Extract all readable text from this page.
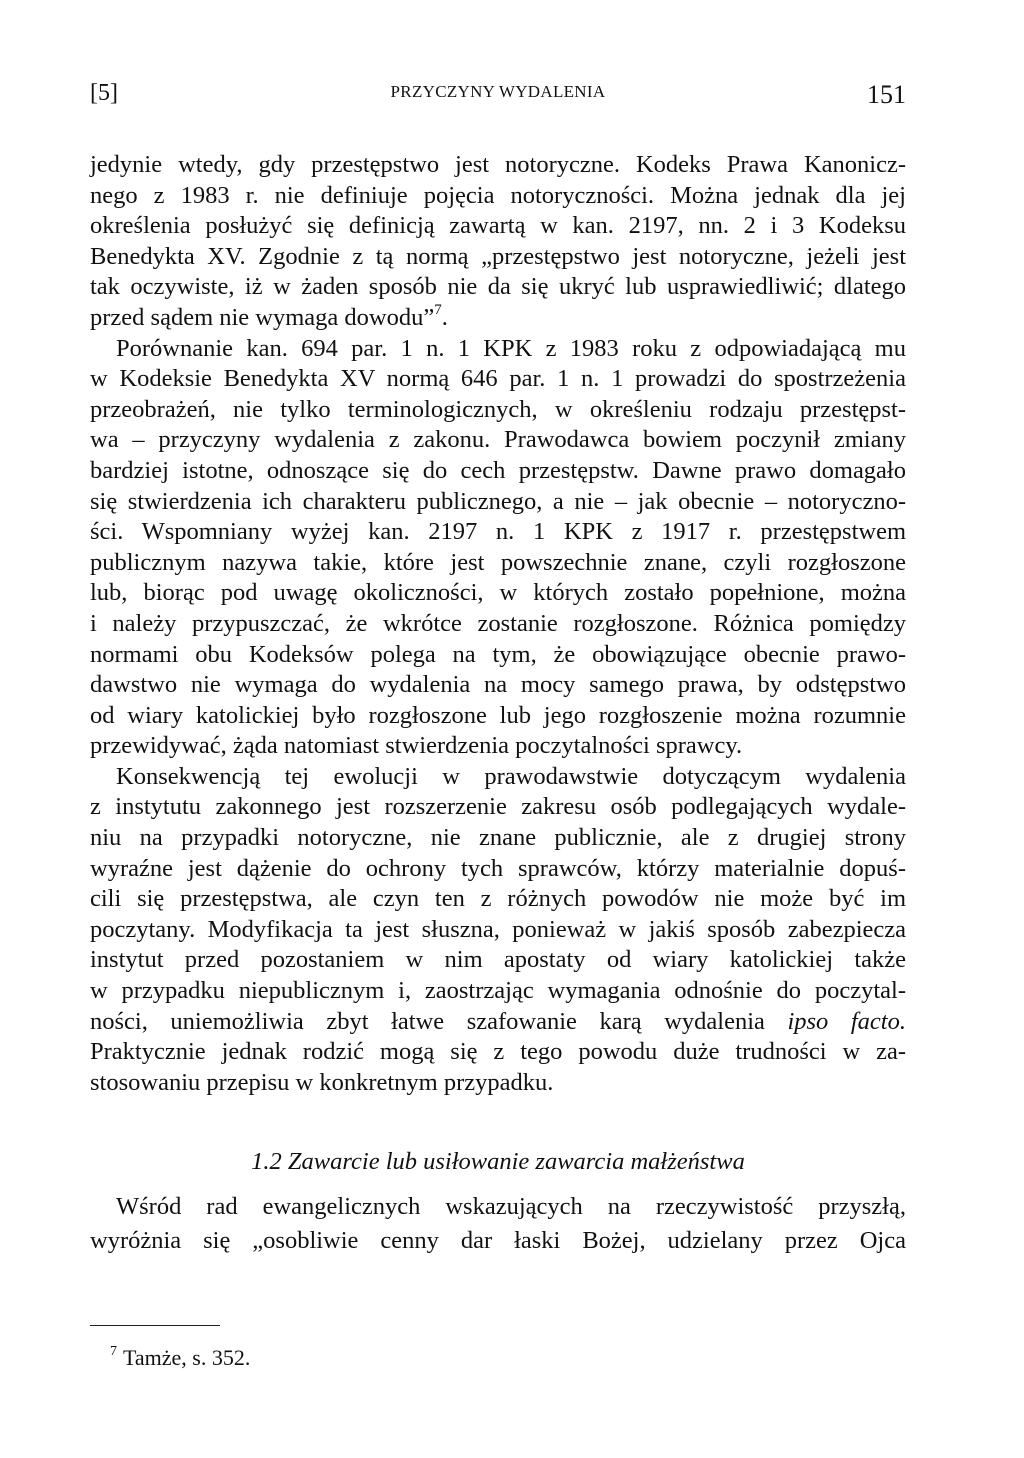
[5]	PRZYCZYNY WYDALENIA	151
jedynie wtedy, gdy przestępstwo jest notoryczne. Kodeks Prawa Kanonicz-
nego z 1983 r. nie definiuje pojęcia notoryczności. Można jednak dla jej
określenia posłużyć się definicją zawartą w kan. 2197, nn. 2 i 3 Kodeksu
Benedykta XV. Zgodnie z tą normą „przestępstwo jest notoryczne, jeżeli jest
tak oczywiste, iż w żaden sposób nie da się ukryć lub usprawiedliwić; dlatego
przed sądem nie wymaga dowodu”$^7$.
Porównanie kan. 694 par. 1 n. 1 KPK z 1983 roku z odpowiadającą mu
w Kodeksie Benedykta XV normą 646 par. 1 n. 1 prowadzi do spostrzeżenia
przeobrażeń, nie tylko terminologicznych, w określeniu rodzaju przestępst-
wa – przyczyny wydalenia z zakonu. Prawodawca bowiem poczynił zmiany
bardziej istotne, odnoszące się do cech przestępstw. Dawne prawo domagało
się stwierdzenia ich charakteru publicznego, a nie – jak obecnie – notoryczno-
ści. Wspomniany wyżej kan. 2197 n. 1 KPK z 1917 r. przestępstwem
publicznym nazywa takie, które jest powszechnie znane, czyli rozgłoszone
lub, biorąc pod uwagę okoliczności, w których zostało popełnione, można
i należy przypuszczać, że wkrótce zostanie rozgłoszone. Różnica pomiędzy
normami obu Kodeksów polega na tym, że obowiązujące obecnie prawo-
dawstwo nie wymaga do wydalenia na mocy samego prawa, by odstępstwo
od wiary katolickiej było rozgłoszone lub jego rozgłoszenie można rozumnie
przewidywać, żąda natomiast stwierdzenia poczytalności sprawcy.
Konsekwencją tej ewolucji w prawodawstwie dotyczącym wydalenia
z instytutu zakonnego jest rozszerzenie zakresu osób podlegających wydale-
niu na przypadki notoryczne, nie znane publicznie, ale z drugiej strony
wyraźne jest dążenie do ochrony tych sprawców, którzy materialnie dopuś-
cili się przestępstwa, ale czyn ten z różnych powodów nie może być im
poczytany. Modyfikacja ta jest słuszna, ponieważ w jakiś sposób zabezpiecza
instytut przed pozostaniem w nim apostaty od wiary katolickiej także
w przypadku niepublicznym i, zaostrzając wymagania odnośnie do poczytal-
ności, uniemożliwia zbyt łatwe szafowanie karą wydalenia ipso facto.
Praktycznie jednak rodzić mogą się z tego powodu duże trudności w za-
stosowaniu przepisu w konkretnym przypadku.
1.2 Zawarcie lub usiłowanie zawarcia małżeństwa
Wśród rad ewangelicznych wskazujących na rzeczywistość przyszłą,
wyróżnia się „osobliwie cenny dar łaski Bożej, udzielany przez Ojca
$^7$ Tamże, s. 352.
